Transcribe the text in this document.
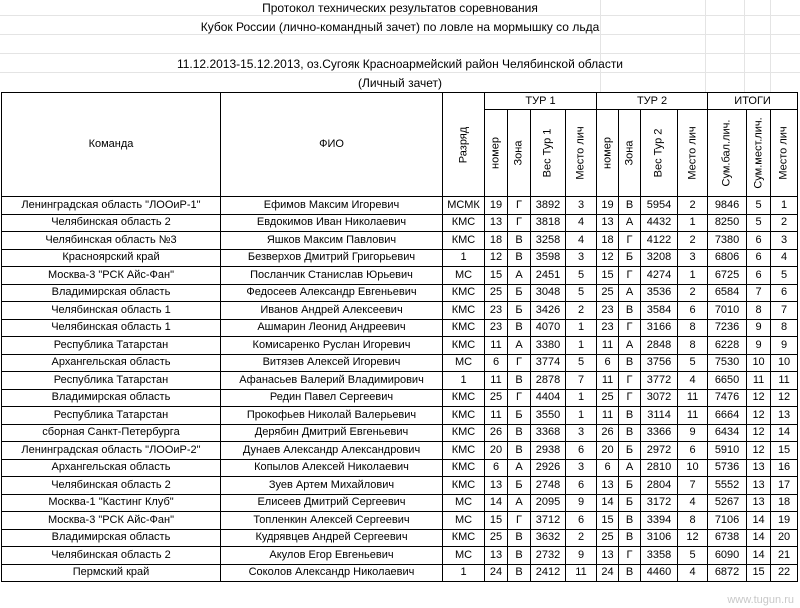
Протокол технических результатов соревнования
Кубок России (лично-командный зачет) по ловле на мормышку со льда
11.12.2013-15.12.2013, оз.Сугояк Красноармейский район Челябинской области
(Личный зачет)
Команда	ФИО	Разряд	ТУР 1				ТУР 2				ИТОГИ		

			номер	Зона	Вес Тур 1	Место лич	номер	Зона	Вес Тур 2	Место лич	Сум.бал.лич.	Сум.мест.лич.	Место лич

Ленинградская область "ЛООиР-1"	Ефимов Максим Игоревич	МСМК	19	Г	3892	3	19	В	5954	2	9846	5	1
Челябинская область 2	Евдокимов Иван Николаевич	КМС	13	Г	3818	4	13	А	4432	1	8250	5	2
Челябинская область №3	Яшков Максим Павлович	КМС	18	В	3258	4	18	Г	4122	2	7380	6	3
Красноярский край	Безверхов Дмитрий Григорьевич	1	12	В	3598	3	12	Б	3208	3	6806	6	4
Москва-3 "РСК Айс-Фан"	Посланчик Станислав Юрьевич	МС	15	А	2451	5	15	Г	4274	1	6725	6	5
Владимирская область	Федосеев Александр Евгеньевич	КМС	25	Б	3048	5	25	А	3536	2	6584	7	6
Челябинская область 1	Иванов Андрей Алексеевич	КМС	23	Б	3426	2	23	В	3584	6	7010	8	7
Челябинская область 1	Ашмарин Леонид Андреевич	КМС	23	В	4070	1	23	Г	3166	8	7236	9	8
Республика Татарстан	Комисаренко Руслан Игоревич	КМС	11	А	3380	1	11	А	2848	8	6228	9	9
Архангельская область	Витязев Алексей Игоревич	МС	6	Г	3774	5	6	В	3756	5	7530	10	10
Республика Татарстан	Афанасьев Валерий Владимирович	1	11	В	2878	7	11	Г	3772	4	6650	11	11
Владимирская область	Редин Павел Сергеевич	КМС	25	Г	4404	1	25	Г	3072	11	7476	12	12
Республика Татарстан	Прокофьев Николай Валерьевич	КМС	11	Б	3550	1	11	В	3114	11	6664	12	13
сборная Санкт-Петербурга	Дерябин Дмитрий Евгеньевич	КМС	26	В	3368	3	26	В	3366	9	6434	12	14
Ленинградская область "ЛООиР-2"	Дунаев Александр Александрович	КМС	20	В	2938	6	20	Б	2972	6	5910	12	15
Архангельская область	Копылов Алексей Николаевич	КМС	6	А	2926	3	6	А	2810	10	5736	13	16
Челябинская область 2	Зуев Артем Михайлович	КМС	13	Б	2748	6	13	Б	2804	7	5552	13	17
Москва-1 "Кастинг Клуб"	Елисеев Дмитрий Сергеевич	МС	14	А	2095	9	14	Б	3172	4	5267	13	18
Москва-3 "РСК Айс-Фан"	Топленкин Алексей Сергеевич	МС	15	Г	3712	6	15	В	3394	8	7106	14	19
Владимирская область	Кудрявцев Андрей Сергеевич	КМС	25	В	3632	2	25	В	3106	12	6738	14	20
Челябинская область 2	Акулов Егор Евгеньевич	МС	13	В	2732	9	13	Г	3358	5	6090	14	21
Пермский край	Соколов Александр Николаевич	1	24	В	2412	11	24	В	4460	4	6872	15	22
www.tugun.ru
